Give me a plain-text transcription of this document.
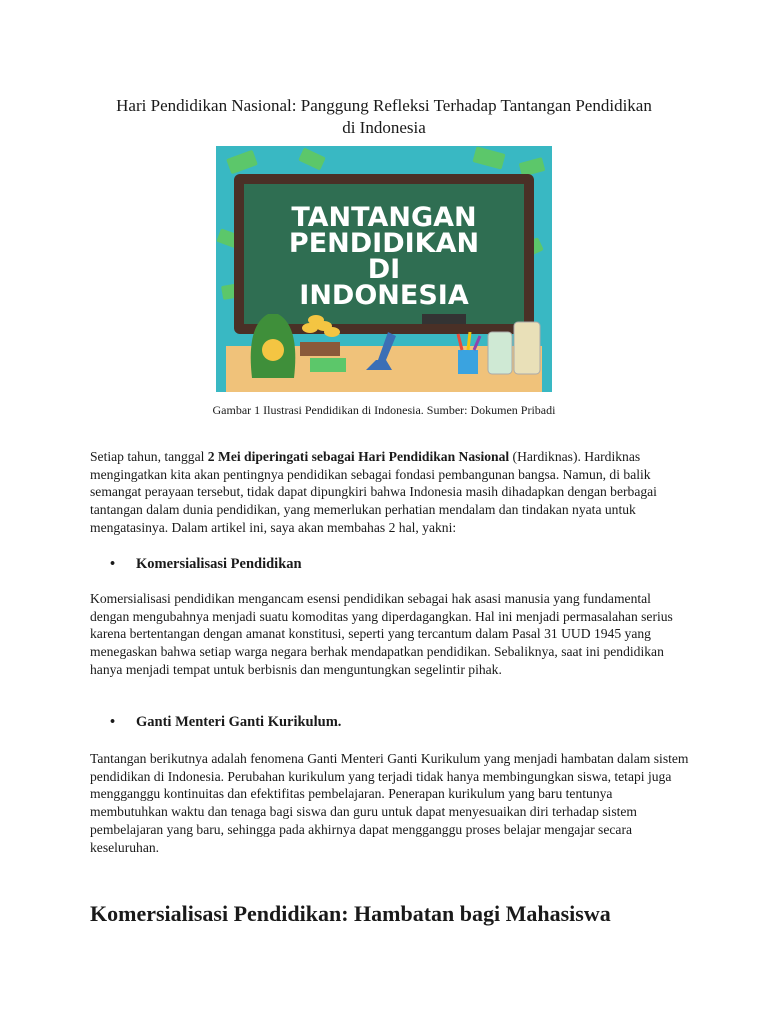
Hari Pendidikan Nasional: Panggung Refleksi Terhadap Tantangan Pendidikan di Indonesia
TANTANGAN
PENDIDIKAN
DI
INDONESIA
Gambar 1 Ilustrasi Pendidikan di Indonesia. Sumber: Dokumen Pribadi

Setiap tahun, tanggal 2 Mei diperingati sebagai Hari Pendidikan Nasional (Hardiknas). Hardiknas mengingatkan kita akan pentingnya pendidikan sebagai fondasi pembangunan bangsa. Namun, di balik semangat perayaan tersebut, tidak dapat dipungkiri bahwa Indonesia masih dihadapkan dengan berbagai tantangan dalam dunia pendidikan, yang memerlukan perhatian mendalam dan tindakan nyata untuk mengatasinya. Dalam artikel ini, saya akan membahas 2 hal, yakni:

• Komersialisasi Pendidikan

Komersialisasi pendidikan mengancam esensi pendidikan sebagai hak asasi manusia yang fundamental dengan mengubahnya menjadi suatu komoditas yang diperdagangkan. Hal ini menjadi permasalahan serius karena bertentangan dengan amanat konstitusi, seperti yang tercantum dalam Pasal 31 UUD 1945 yang menegaskan bahwa setiap warga negara berhak mendapatkan pendidikan. Sebaliknya, saat ini pendidikan hanya menjadi tempat untuk berbisnis dan menguntungkan segelintir pihak.

• Ganti Menteri Ganti Kurikulum.

Tantangan berikutnya adalah fenomena Ganti Menteri Ganti Kurikulum yang menjadi hambatan dalam sistem pendidikan di Indonesia. Perubahan kurikulum yang terjadi tidak hanya membingungkan siswa, tetapi juga mengganggu kontinuitas dan efektifitas pembelajaran. Penerapan kurikulum yang baru tentunya membutuhkan waktu dan tenaga bagi siswa dan guru untuk dapat menyesuaikan diri terhadap sistem pembelajaran yang baru, sehingga pada akhirnya dapat mengganggu proses belajar mengajar secara keseluruhan.

Komersialisasi Pendidikan: Hambatan bagi Mahasiswa
